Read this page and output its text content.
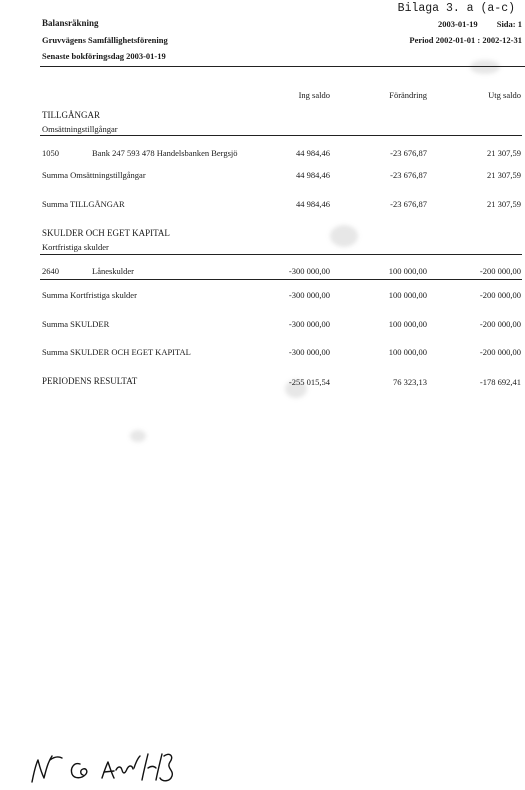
Balansräkning
Gruvvägens Samfällighetsförening
Senaste bokföringsdag 2003-01-19
Bilaga 3. a (a-c)
2003-01-19 Sida: 1
Period 2002-01-01 : 2002-12-31
Ing saldo	Förändring	Utg saldo
TILLGÅNGAR
Omsättningstillgångar
1050	Bank 247 593 478 Handelsbanken Bergsjö	44 984,46	-23 676,87	21 307,59
Summa Omsättningstillgångar	44 984,46	-23 676,87	21 307,59
Summa TILLGÅNGAR	44 984,46	-23 676,87	21 307,59
SKULDER OCH EGET KAPITAL
Kortfristiga skulder
2640	Låneskulder	-300 000,00	100 000,00	-200 000,00
Summa Kortfristiga skulder	-300 000,00	100 000,00	-200 000,00
Summa SKULDER	-300 000,00	100 000,00	-200 000,00
Summa SKULDER OCH EGET KAPITAL	-300 000,00	100 000,00	-200 000,00
PERIODENS RESULTAT	-255 015,54	76 323,13	-178 692,41
